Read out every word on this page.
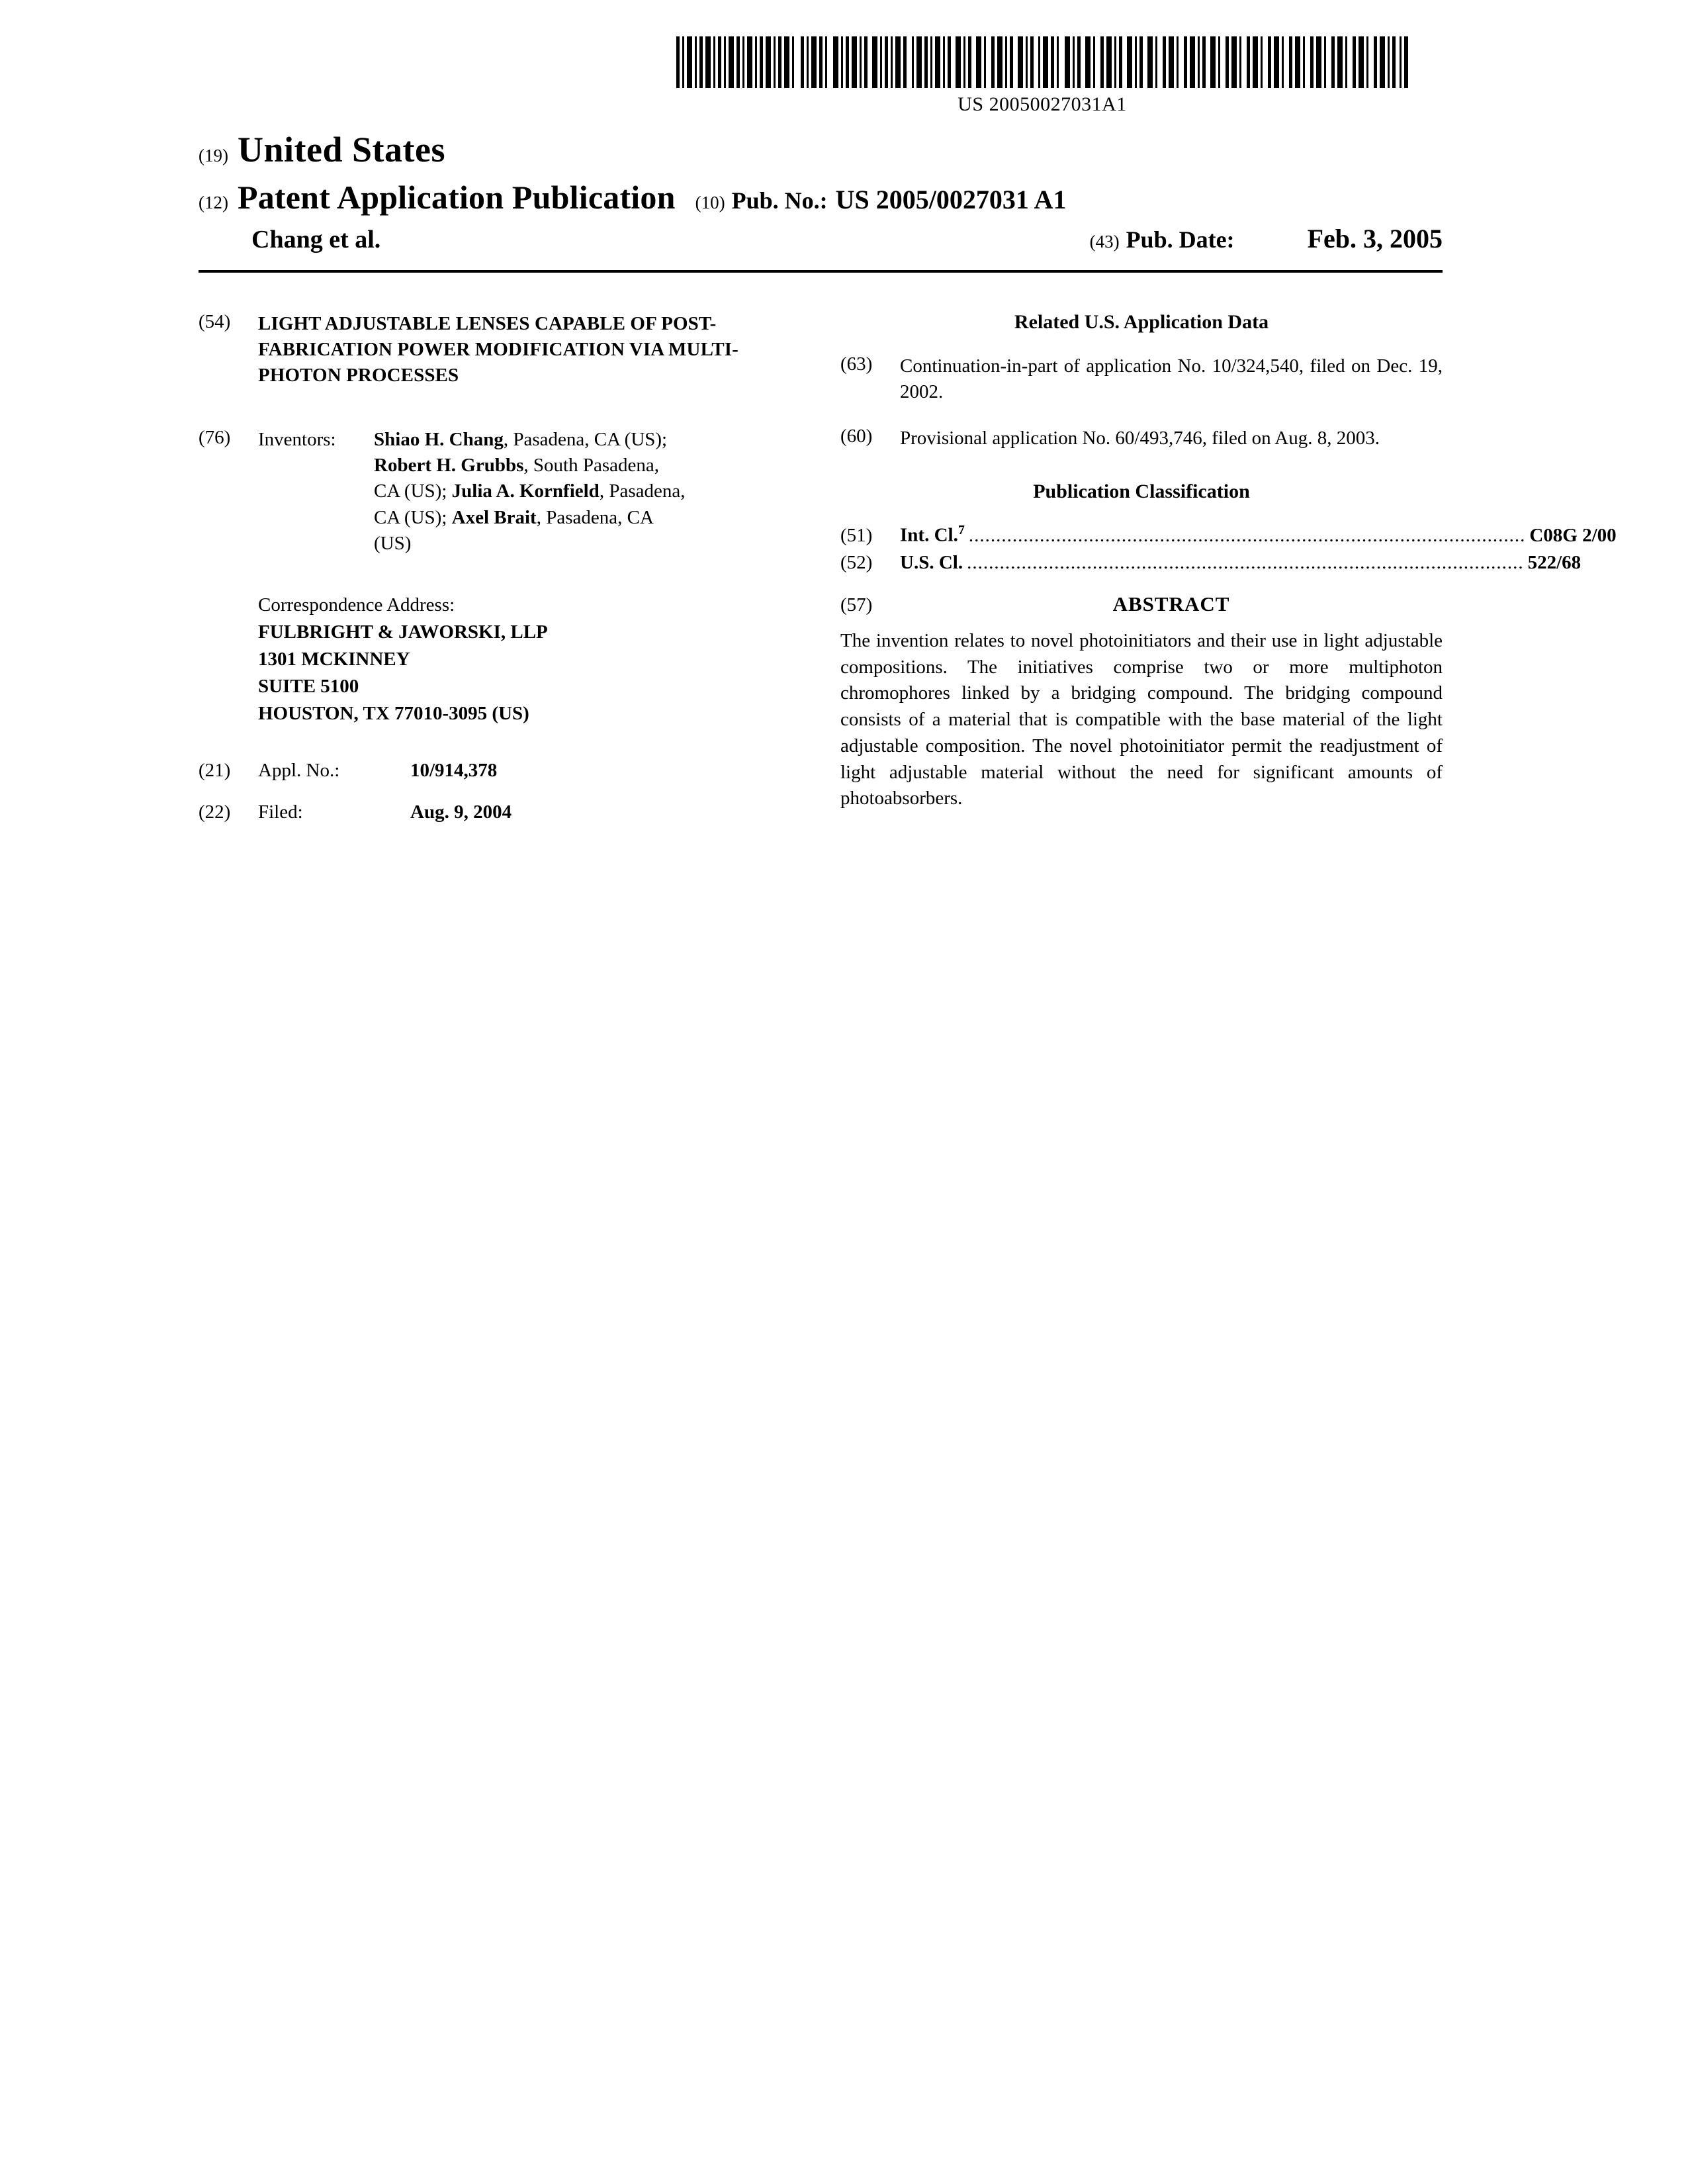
US 20050027031A1
(19) United States
(12) Patent Application Publication (10) Pub. No.: US 2005/0027031 A1
Chang et al.	(43) Pub. Date:	Feb. 3, 2005
(54)	LIGHT ADJUSTABLE LENSES CAPABLE OF POST-FABRICATION POWER MODIFICATION VIA MULTI-PHOTON PROCESSES
(76)	Inventors:	Shiao H. Chang, Pasadena, CA (US);
Robert H. Grubbs, South Pasadena,
CA (US); Julia A. Kornfield, Pasadena,
CA (US); Axel Brait, Pasadena, CA
(US)
Correspondence Address:
FULBRIGHT & JAWORSKI, LLP
1301 MCKINNEY
SUITE 5100
HOUSTON, TX 77010-3095 (US)
(21)	Appl. No.:	10/914,378
(22)	Filed:	Aug. 9, 2004
Related U.S. Application Data
(63)	Continuation-in-part of application No. 10/324,540, filed on Dec. 19, 2002.
(60)	Provisional application No. 60/493,746, filed on Aug. 8, 2003.
Publication Classification
(51)	Int. Cl.$^7$ ...................................................................................................... C08G 2/00
(52)	U.S. Cl. ...................................................................................................... 522/68
(57)	ABSTRACT
The invention relates to novel photoinitiators and their use in light adjustable compositions. The initiatives comprise two or more multiphoton chromophores linked by a bridging compound. The bridging compound consists of a material that is compatible with the base material of the light adjustable composition. The novel photoinitiator permit the readjustment of light adjustable material without the need for significant amounts of photoabsorbers.
